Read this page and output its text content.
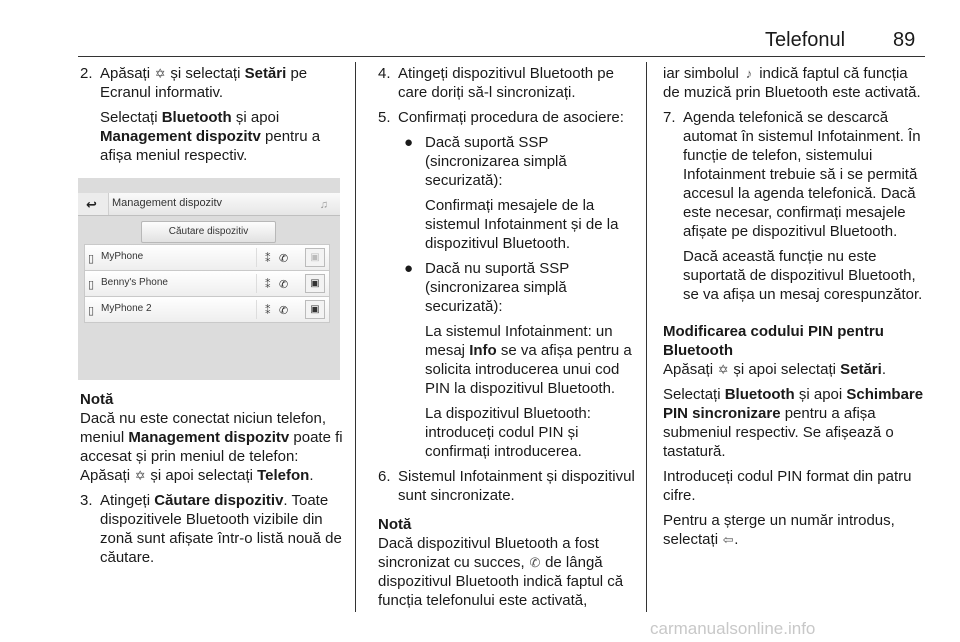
Telefonul 89
2. Apăsați ✡ și selectați Setări pe Ecranul informativ.

Selectați Bluetooth și apoi Management dispozitv pentru a afișa meniul respectiv.

↩ Management dispozitv	♫
Căutare dispozitiv
▯ MyPhone	⁑ ✆	▣
▯ Benny's Phone	⁑ ✆	▣
▯ MyPhone 2	⁑ ✆	▣

Notă

Dacă nu este conectat niciun telefon, meniul Management dispozitv poate fi accesat și prin meniul de telefon: Apăsați ✡ și apoi selectați Telefon.

3. Atingeți Căutare dispozitiv. Toate dispozitivele Bluetooth vizibile din zonă sunt afișate într-o listă nouă de căutare.

4. Atingeți dispozitivul Bluetooth pe care doriți să-l sincronizați.

5. Confirmați procedura de asociere:

● Dacă suportă SSP (sincronizarea simplă securizată):

Confirmați mesajele de la sistemul Infotainment și de la dispozitivul Bluetooth.

● Dacă nu suportă SSP (sincronizarea simplă securizată):

La sistemul Infotainment: un mesaj Info se va afișa pentru a solicita introducerea unui cod PIN la dispozitivul Bluetooth.

La dispozitivul Bluetooth: introduceți codul PIN și confirmați introducerea.

6. Sistemul Infotainment și dispozitivul sunt sincronizate.

Notă

Dacă dispozitivul Bluetooth a fost sincronizat cu succes, ✆ de lângă dispozitivul Bluetooth indică faptul că funcția telefonului este activată,

iar simbolul ♪ indică faptul că funcția de muzică prin Bluetooth este activată.

7. Agenda telefonică se descarcă automat în sistemul Infotainment. În funcție de telefon, sistemului Infotainment trebuie să i se permită accesul la agenda telefonică. Dacă este necesar, confirmați mesajele afișate pe dispozitivul Bluetooth.

Dacă această funcție nu este suportată de dispozitivul Bluetooth, se va afișa un mesaj corespunzător.

Modificarea codului PIN pentru Bluetooth

Apăsați ✡ și apoi selectați Setări.

Selectați Bluetooth și apoi Schimbare PIN sincronizare pentru a afișa submeniul respectiv. Se afișează o tastatură.

Introduceți codul PIN format din patru cifre.

Pentru a șterge un număr introdus, selectați ⇦.

carmanualsonline.info
